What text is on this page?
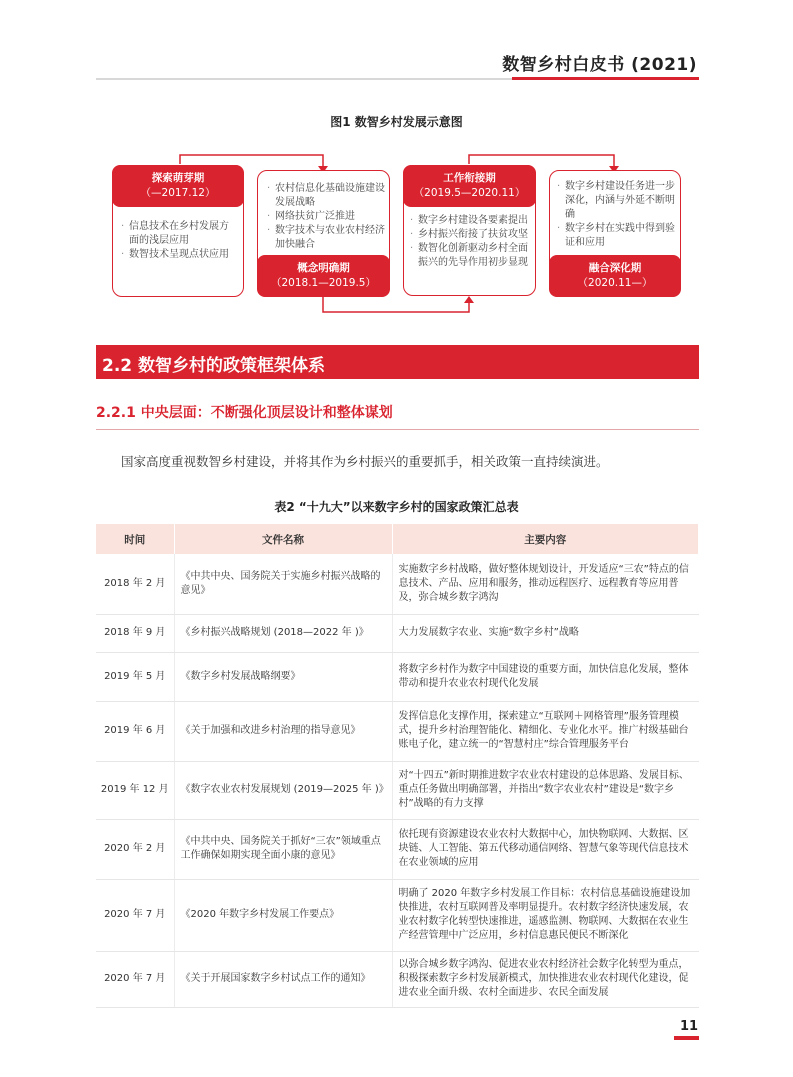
数智乡村白皮书 (2021)
图1 数智乡村发展示意图
探索萌芽期
（—2017.12）
· 信息技术在乡村发展方面的浅层应用
· 数智技术呈现点状应用
· 农村信息化基础设施建设发展战略
· 网络扶贫广泛推进
· 数字技术与农业农村经济加快融合
概念明确期
（2018.1—2019.5）
工作衔接期
（2019.5—2020.11）
· 数字乡村建设各要素提出
· 乡村振兴衔接了扶贫攻坚
· 数智化创新驱动乡村全面振兴的先导作用初步显现
· 数字乡村建设任务进一步深化，内涵与外延不断明确
· 数字乡村在实践中得到验证和应用
融合深化期
（2020.11—）
2.2 数智乡村的政策框架体系
2.2.1 中央层面：不断强化顶层设计和整体谋划
国家高度重视数智乡村建设，并将其作为乡村振兴的重要抓手，相关政策一直持续演进。
表2 “十九大”以来数字乡村的国家政策汇总表
时间	文件名称	主要内容
2018 年 2 月	《中共中央、国务院关于实施乡村振兴战略的意见》	实施数字乡村战略，做好整体规划设计，开发适应“三农”特点的信息技术、产品、应用和服务，推动远程医疗、远程教育等应用普及，弥合城乡数字鸿沟
2018 年 9 月	《乡村振兴战略规划 (2018—2022 年 )》	大力发展数字农业、实施“数字乡村”战略
2019 年 5 月	《数字乡村发展战略纲要》	将数字乡村作为数字中国建设的重要方面，加快信息化发展，整体带动和提升农业农村现代化发展
2019 年 6 月	《关于加强和改进乡村治理的指导意见》	发挥信息化支撑作用，探索建立“互联网＋网格管理”服务管理模式，提升乡村治理智能化、精细化、专业化水平。推广村级基础台账电子化，建立统一的“智慧村庄”综合管理服务平台
2019 年 12 月	《数字农业农村发展规划 (2019—2025 年 )》	对“十四五”新时期推进数字农业农村建设的总体思路、发展目标、重点任务做出明确部署，并指出“数字农业农村”建设是“数字乡村”战略的有力支撑
2020 年 2 月	《中共中央、国务院关于抓好“三农”领域重点工作确保如期实现全面小康的意见》	依托现有资源建设农业农村大数据中心，加快物联网、大数据、区块链、人工智能、第五代移动通信网络、智慧气象等现代信息技术在农业领域的应用
2020 年 7 月	《2020 年数字乡村发展工作要点》	明确了 2020 年数字乡村发展工作目标：农村信息基础设施建设加快推进，农村互联网普及率明显提升。农村数字经济快速发展，农业农村数字化转型快速推进，遥感监测、物联网、大数据在农业生产经营管理中广泛应用，乡村信息惠民便民不断深化
2020 年 7 月	《关于开展国家数字乡村试点工作的通知》	以弥合城乡数字鸿沟、促进农业农村经济社会数字化转型为重点，积极探索数字乡村发展新模式，加快推进农业农村现代化建设，促进农业全面升级、农村全面进步、农民全面发展
11
